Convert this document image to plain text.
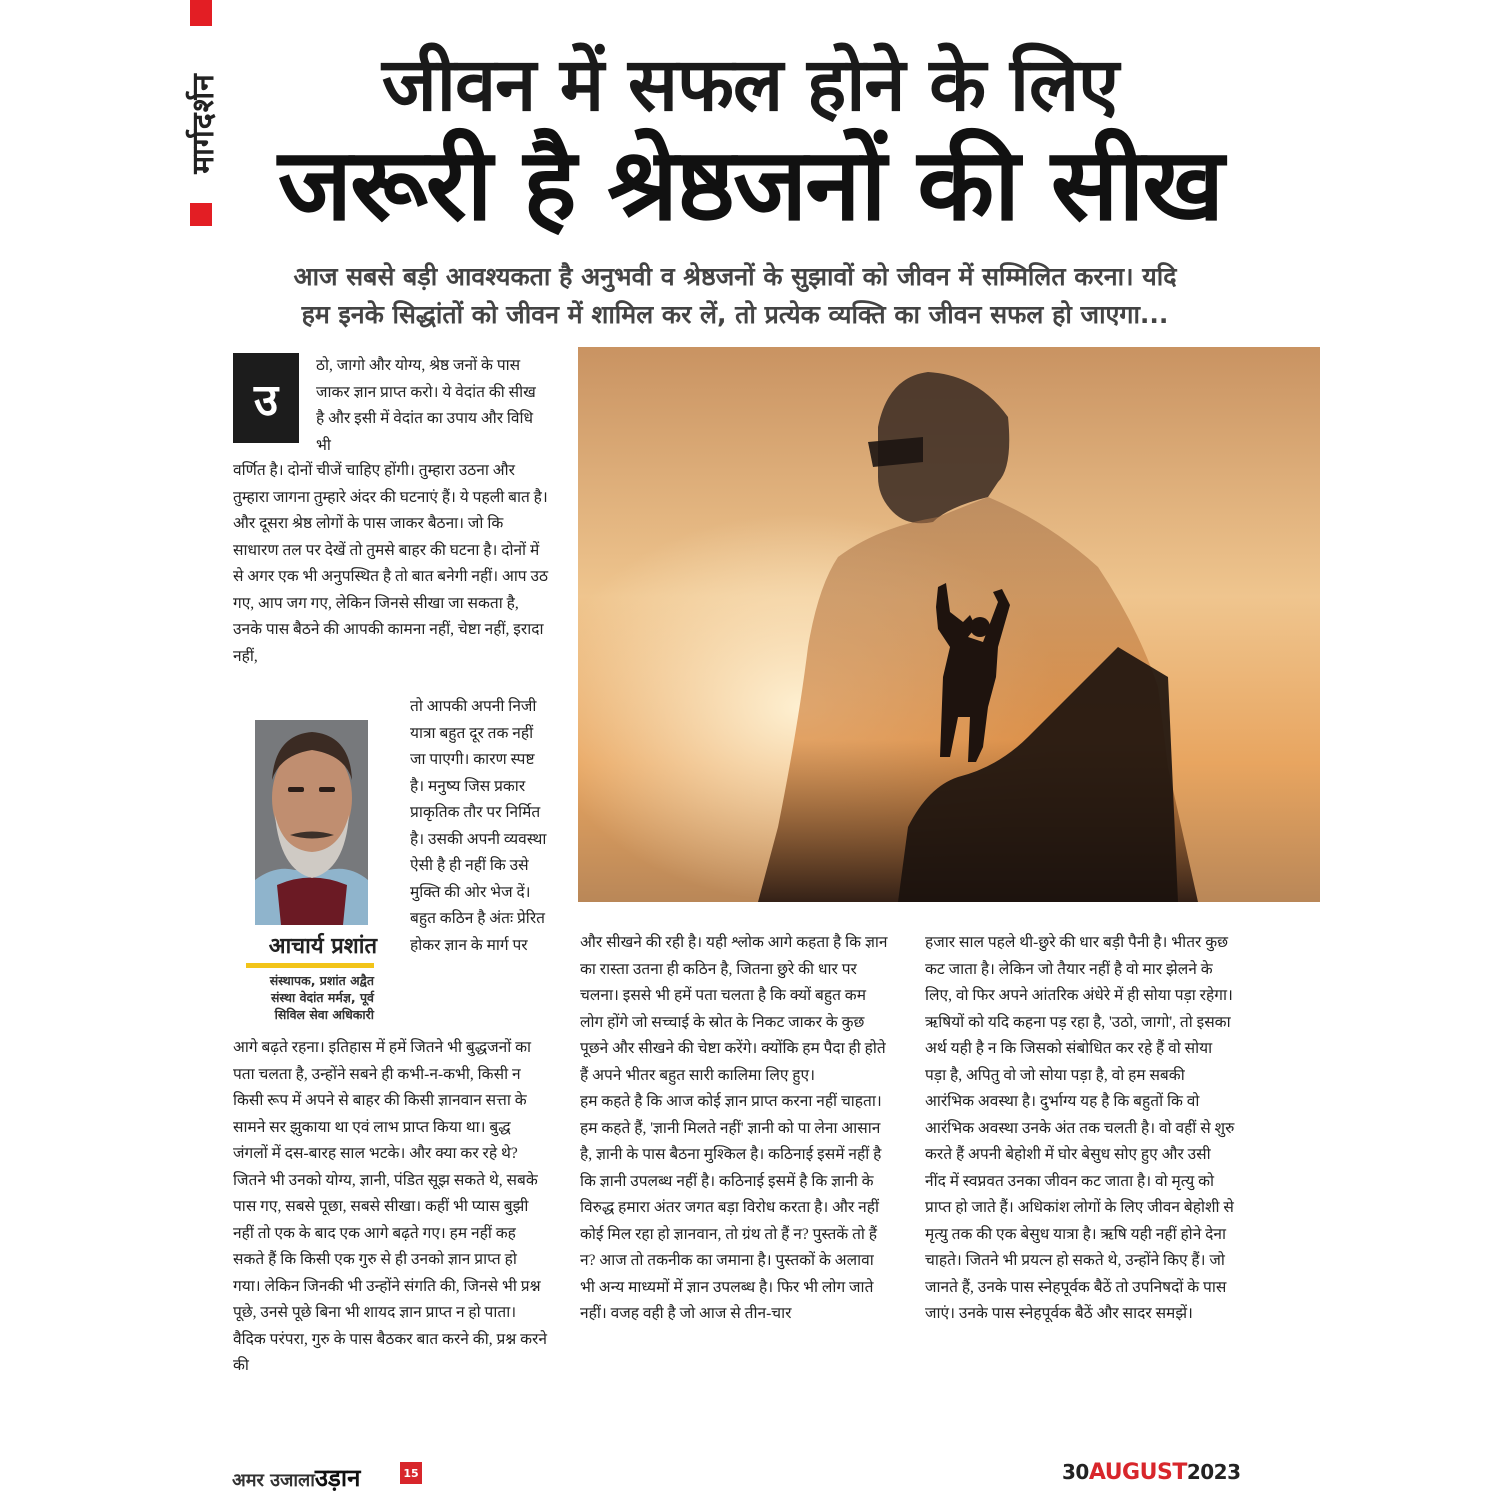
मार्गदर्शन	जीवन में सफल होने के लिए
जरूरी है श्रेष्ठजनों की सीख
आज सबसे बड़ी आवश्यकता है अनुभवी व श्रेष्ठजनों के सुझावों को जीवन में सम्मिलित करना। यदि
हम इनके सिद्धांतों को जीवन में शामिल कर लें, तो प्रत्येक व्यक्ति का जीवन सफल हो जाएगा...
उ

ठो, जागो और योग्य, श्रेष्ठ जनों के पास जाकर ज्ञान प्राप्त करो। ये वेदांत की सीख है और इसी में वेदांत का उपाय और विधि भी

वर्णित है। दोनों चीजें चाहिए होंगी। तुम्हारा उठना और तुम्हारा जागना तुम्हारे अंदर की घटनाएं हैं। ये पहली बात है। और दूसरा श्रेष्ठ लोगों के पास जाकर बैठना। जो कि साधारण तल पर देखें तो तुमसे बाहर की घटना है। दोनों में से अगर एक भी अनुपस्थित है तो बात बनेगी नहीं। आप उठ गए, आप जग गए, लेकिन जिनसे सीखा जा सकता है, उनके पास बैठने की आपकी कामना नहीं, चेष्टा नहीं, इरादा नहीं,

तो आपकी अपनी निजी यात्रा बहुत दूर तक नहीं जा पाएगी। कारण स्पष्ट है। मनुष्य जिस प्रकार प्राकृतिक तौर पर निर्मित है। उसकी अपनी व्यवस्था ऐसी है ही नहीं कि उसे मुक्ति की ओर भेज दें। बहुत कठिन है अंतः प्रेरित होकर ज्ञान के मार्ग पर

आगे बढ़ते रहना। इतिहास में हमें जितने भी बुद्धजनों का पता चलता है, उन्होंने सबने ही कभी-न-कभी, किसी न किसी रूप में अपने से बाहर की किसी ज्ञानवान सत्ता के सामने सर झुकाया था एवं लाभ प्राप्त किया था। बुद्ध जंगलों में दस-बारह साल भटके। और क्या कर रहे थे? जितने भी उनको योग्य, ज्ञानी, पंडित सूझ सकते थे, सबके पास गए, सबसे पूछा, सबसे सीखा। कहीं भी प्यास बुझी नहीं तो एक के बाद एक आगे बढ़ते गए। हम नहीं कह सकते हैं कि किसी एक गुरु से ही उनको ज्ञान प्राप्त हो गया। लेकिन जिनकी भी उन्होंने संगति की, जिनसे भी प्रश्न पूछे, उनसे पूछे बिना भी शायद ज्ञान प्राप्त न हो पाता। वैदिक परंपरा, गुरु के पास बैठकर बात करने की, प्रश्न करने की

आचार्य प्रशांत
संस्थापक, प्रशांत अद्वैत संस्था वेदांत मर्मज्ञ, पूर्व सिविल सेवा अधिकारी

और सीखने की रही है। यही श्लोक आगे कहता है कि ज्ञान का रास्ता उतना ही कठिन है, जितना छुरे की धार पर चलना। इससे भी हमें पता चलता है कि क्यों बहुत कम लोग होंगे जो सच्चाई के स्रोत के निकट जाकर के कुछ पूछने और सीखने की चेष्टा करेंगे। क्योंकि हम पैदा ही होते हैं अपने भीतर बहुत सारी कालिमा लिए हुए।

हम कहते है कि आज कोई ज्ञान प्राप्त करना नहीं चाहता। हम कहते हैं, 'ज्ञानी मिलते नहीं' ज्ञानी को पा लेना आसान है, ज्ञानी के पास बैठना मुश्किल है। कठिनाई इसमें नहीं है कि ज्ञानी उपलब्ध नहीं है। कठिनाई इसमें है कि ज्ञानी के विरुद्ध हमारा अंतर जगत बड़ा विरोध करता है। और नहीं कोई मिल रहा हो ज्ञानवान, तो ग्रंथ तो हैं न? पुस्तकें तो हैं न? आज तो तकनीक का जमाना है। पुस्तकों के अलावा भी अन्य माध्यमों में ज्ञान उपलब्ध है। फिर भी लोग जाते नहीं। वजह वही है जो आज से तीन-चार

हजार साल पहले थी-छुरे की धार बड़ी पैनी है। भीतर कुछ कट जाता है। लेकिन जो तैयार नहीं है वो मार झेलने के लिए, वो फिर अपने आंतरिक अंधेरे में ही सोया पड़ा रहेगा। ऋषियों को यदि कहना पड़ रहा है, 'उठो, जागो', तो इसका अर्थ यही है न कि जिसको संबोधित कर रहे हैं वो सोया पड़ा है, अपितु वो जो सोया पड़ा है, वो हम सबकी आरंभिक अवस्था है। दुर्भाग्य यह है कि बहुतों कि वो आरंभिक अवस्था उनके अंत तक चलती है। वो वहीं से शुरु करते हैं अपनी बेहोशी में घोर बेसुध सोए हुए और उसी नींद में स्वप्नवत उनका जीवन कट जाता है। वो मृत्यु को प्राप्त हो जाते हैं। अधिकांश लोगों के लिए जीवन बेहोशी से मृत्यु तक की एक बेसुध यात्रा है। ऋषि यही नहीं होने देना चाहते। जितने भी प्रयत्न हो सकते थे, उन्होंने किए हैं। जो जानते हैं, उनके पास स्नेहपूर्वक बैठें तो उपनिषदों के पास जाएं। उनके पास स्नेहपूर्वक बैठें और सादर समझें।

अमर उजालाउड़ान	15	30AUGUST2023
